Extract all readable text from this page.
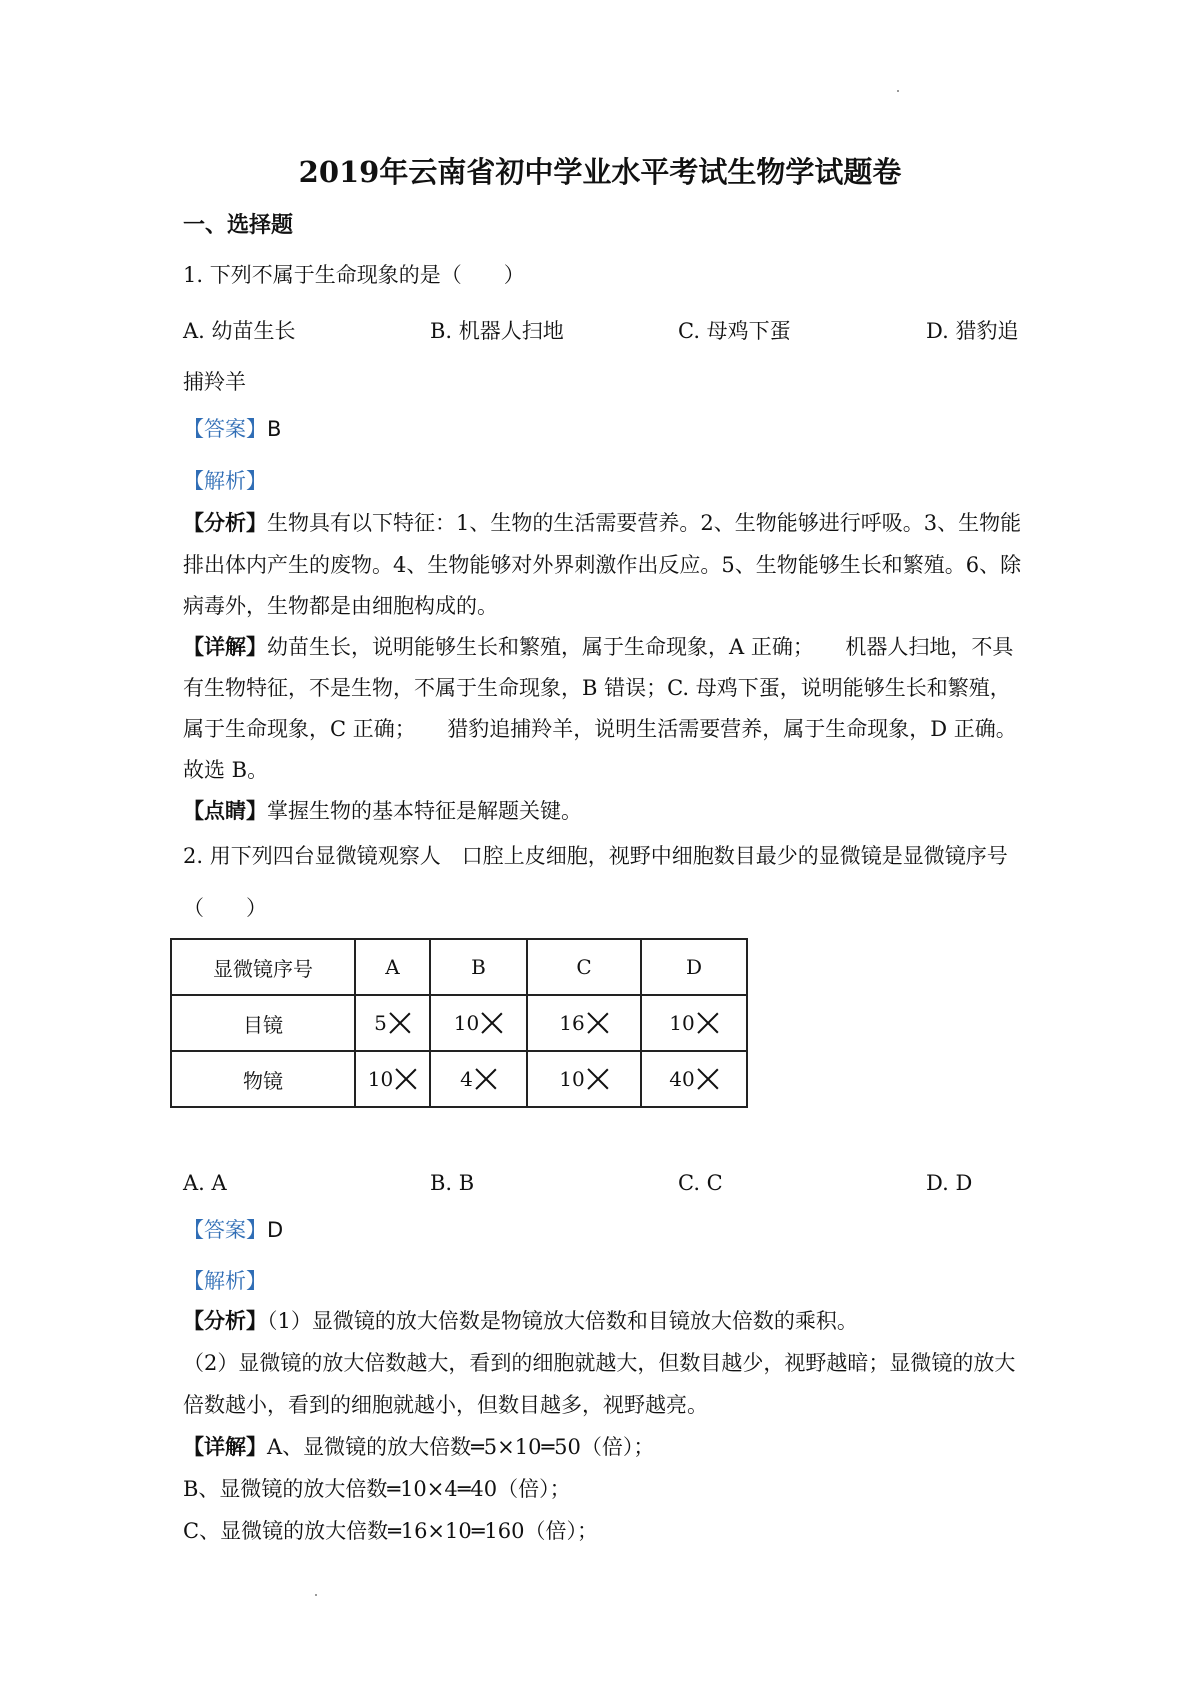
2019年云南省初中学业水平考试生物学试题卷
一、选择题
1. 下列不属于生命现象的是（　　）
A. 幼苗生长	B. 机器人扫地	C. 母鸡下蛋	D. 猎豹追
捕羚羊
【答案】B
【解析】
【分析】生物具有以下特征：1、生物的生活需要营养。2、生物能够进行呼吸。3、生物能
排出体内产生的废物。4、生物能够对外界刺激作出反应。5、生物能够生长和繁殖。6、除
病毒外，生物都是由细胞构成的。
【详解】幼苗生长，说明能够生长和繁殖，属于生命现象，A 正确；　　机器人扫地，不具
有生物特征，不是生物，不属于生命现象，B 错误；C. 母鸡下蛋，说明能够生长和繁殖，
属于生命现象，C 正确；　　猎豹追捕羚羊，说明生活需要营养，属于生命现象，D 正确。
故选 B。
【点睛】掌握生物的基本特征是解题关键。
2. 用下列四台显微镜观察人　口腔上皮细胞，视野中细胞数目最少的显微镜是显微镜序号
（　　）
显微镜序号	A	B	C	D
目镜	5	10	16	10
物镜	10	4	10	40
A. A	B. B	C. C	D. D
【答案】D
【解析】
【分析】（1）显微镜的放大倍数是物镜放大倍数和目镜放大倍数的乘积。
（2）显微镜的放大倍数越大，看到的细胞就越大，但数目越少，视野越暗；显微镜的放大
倍数越小，看到的细胞就越小，但数目越多，视野越亮。
【详解】A、显微镜的放大倍数═5×10═50（倍）；
B、显微镜的放大倍数═10×4═40（倍）；
C、显微镜的放大倍数═16×10═160（倍）；
